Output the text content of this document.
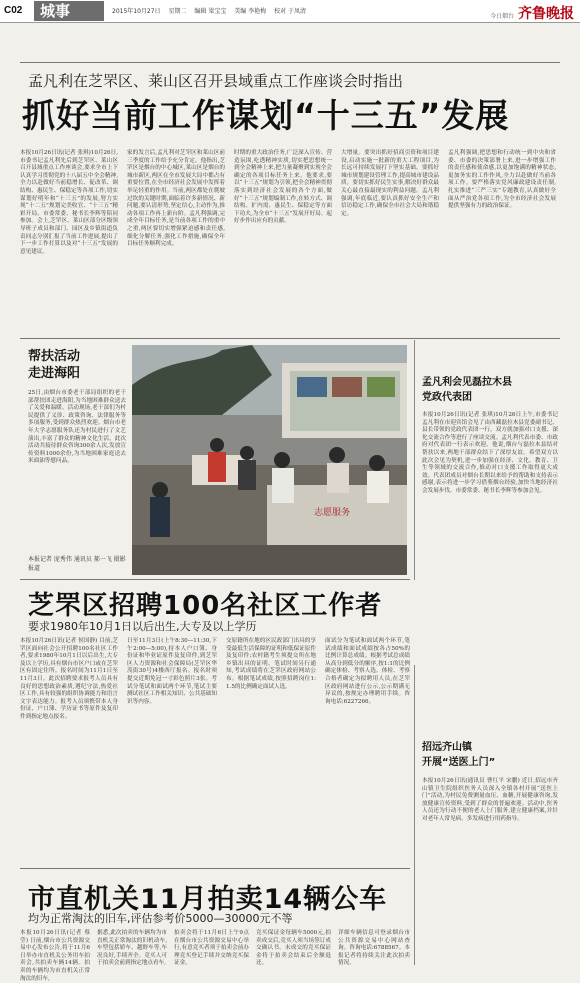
C02	城事	2015年10月27日 星期二 编辑 梁宝宝 美编 李艳梅 校对 于凤清
今日烟台 齐鲁晚报
孟凡利在芝罘区、莱山区召开县域重点工作座谈会时指出
抓好当前工作谋划“十三五”发展
本报10月26日讯(记者 张琪)10月26日,市委书记孟凡利先后到芝罘区、莱山区召开县域重点工作座谈会,要求全市上下认真学习贯彻党的十八届五中全会精神,全力以赴做好当前稳增长、促改革、调结构、惠民生、保稳定等各项工作,切实谋划好明年和“十三五”的发展,努力实现“十二五”规划完美收官、“十三五”精彩开局。市委常委、秘书长李辉等陪同参加。会上,芝罘区、莱山区部分区级领导班子成员和部门、园区及乡镇街道负责同志分别汇报了当前工作进展,提出了下一步工作打算以及对“十三五”发展的意见建议。
家的发言后,孟凡利对芝罘区和莱山区前三季度的工作给予充分肯定。他指出,芝罘区是烟台的中心城区,莱山区是烟台的城市新区,两区在全市发展大局中都占有重要位置,在全市经济社会发展中发挥着举足轻重的作用。当前,两区都处在爬坡过坎的关键时期,面临着许多新情况、新问题,要认清形势,坚定信心,主动作为,推动各项工作再上新台阶。孟凡利强调,完成全年目标任务,是当前各项工作的重中之重,两区要切实增强紧迫感和责任感,细化分解任务,强化工作措施,确保全年目标任务顺利完成。
时期的重大政治任务,广泛深入宣传、营造氛围,吃透精神实质,切实把思想统一到全会精神上来,把力量凝聚到实现全会确定的各项目标任务上来。他要求,要以“十三五”规划为引领,把全会精神贯彻落实到经济社会发展的各个方面,做好“十三五”规划编制工作,在转方式、调结构、扩内需、惠民生、保稳定等方面下功夫,为全市“十三五”发展开好局、起好步作出应有的贡献。
大增量。要突出抓好招商引资和项目建设,启动实施一批新的重大工程项目,为长远可持续发展打下坚实基础。要抓好城市规划建设管理工作,提高城市建设品质。要切实抓好民生实事,解决好群众最关心最直接最现实的利益问题。孟凡利强调,年底临近,要认真抓好安全生产和信访稳定工作,确保全市社会大局和谐稳定。
孟凡利强调,把思想和行动统一到中央和省委、市委的决策部署上来,进一步增强工作的责任感和使命感,以更加饱满的精神状态,更加务实的工作作风,全力以赴做好当前各项工作。要严格落实党风廉政建设责任制,扎实推进“三严三实”专题教育,认真做好全面从严治党各项工作,为全市经济社会发展提供坚强有力的政治保证。
帮扶活动
走进海阳
25日,由烟台市委老干部局组织的老干部帮扶团走进海阳,为当地困难群众送去了关爱和温暖。活动现场,老干部们为村民提供了义诊、政策咨询、法律服务等多项服务,受到群众热烈欢迎。烟台市老年大学志愿服务队还为村民进行了文艺演出,丰富了群众的精神文化生活。此次活动共接待群众咨询300余人次,发放宣传资料1000余份,为当地困难家庭送去米面油等慰问品。
本报记者 庞秀伟 通讯员 郝一飞 摄影报道
志愿服务
孟凡利会见磊拉木县
党政代表团
本报10月26日讯(记者 张琪)10月26日上午,市委书记孟凡利在市迎宾馆会见了由西藏磊拉木县党委副书记、县长带领的党政代表团一行。双方就加强对口支援、深化交流合作等进行了座谈交流。孟凡利代表市委、市政府对代表团一行表示欢迎。他说,烟台与磊拉木县结对帮扶以来,两地干部群众结下了深厚友谊。希望双方以此次会见为契机,进一步加强在经济、文化、教育、卫生等领域的交流合作,推动对口支援工作取得更大成效。代表团成员对烟台长期以来给予的帮助和支持表示感谢,表示将进一步学习借鉴烟台经验,加快当地经济社会发展步伐。市委常委、秘书长李辉等参加会见。
芝罘区招聘100名社区工作者
要求1980年10月1日以后出生,大专及以上学历
本报10月26日讯(记者 侯国静) 目前,芝罘区面向社会公开招聘100名社区工作者,要求1980年10月1日以后出生,大专及以上学历,具有烟台市区户口或在芝罘区有固定住所。报名时间为11月1日至11月3日。此次招聘要求报考人员具有良好的思想政治素质,遵纪守法,热爱社区工作,具有较强的组织协调能力和语言文字表达能力。报考人员须携带本人身份证、户口簿、学历证书等原件及复印件到指定地点报名。
日至11月3日(上午8:30—11:30,下午2:00—5:00),持本人户口簿、身份证和毕业证原件及复印件,到芝罘区人力资源和社会保障局(芝罘区华茂街30号)4楼西厅报名。报名时须提交近期免冠一寸彩色照片3张。考试分笔试和面试两个环节,笔试主要测试社区工作相关知识、公共基础知识等内容。
交原籍所在地的区民政部门出具的享受最低生活保障的证明和低保证原件及复印件;农村籍考生须提交所在地乡镇出具的证明。笔试时间另行通知,考试成绩将在芝罘区政府网站公布。根据笔试成绩,按照招聘岗位1:1.5的比例确定面试人选。
面试分为笔试和面试两个环节,笔试成绩和面试成绩按各占50%的比例计算总成绩。根据考试总成绩从高分到低分的顺序,按1:1的比例确定体检、考察人选。体检、考察合格者确定为拟聘用人员,在芝罘区政府网站进行公示,公示期满无异议的,按规定办理聘用手续。咨询电话:6227266。
招远齐山镇
开展“送医上门”
本报10月26日讯(通讯员 曹红平 宋鹏) 近日,招远市齐山镇卫生院组织医务人员深入全镇各村开展“送医上门”活动,为村民免费测量血压、血糖,开展健康咨询,发放健康宣传资料,受到了群众的普遍欢迎。活动中,医务人员还为行动不便的老人上门服务,建立健康档案,并针对老年人常见病、多发病进行用药指导。
市直机关11月拍卖14辆公车
均为正常淘汰的旧车,评估参考价5000—30000元不等
本报10月26日讯(记者 蔡莹) 日前,烟台市公共资源交易中心发布公告,将于11月6日举办市直机关公务用车拍卖会,共拍卖车辆14辆。拍卖的车辆均为市直机关正常淘汰的旧车,
据悉,此次拍卖的车辆均为市直机关正常淘汰的旧机动车,车型包括轿车、越野车等,车况良好,手续齐全。竞买人可于拍卖会前到指定地点看车,
拍卖会将于11月6日上午9点在烟台市公共资源交易中心举行,有意竞买者须于拍卖会前办理竞买登记手续并交纳竞买保证金。
竞买保证金每辆车5000元,拍卖成交后,竞买人须当场签订成交确认书。未成交的竞买保证金将于拍卖会结束后全额退还。
详细车辆信息可登录烟台市公共资源交易中心网站查询。咨询电话:6788567。本报记者将持续关注此次拍卖情况。
